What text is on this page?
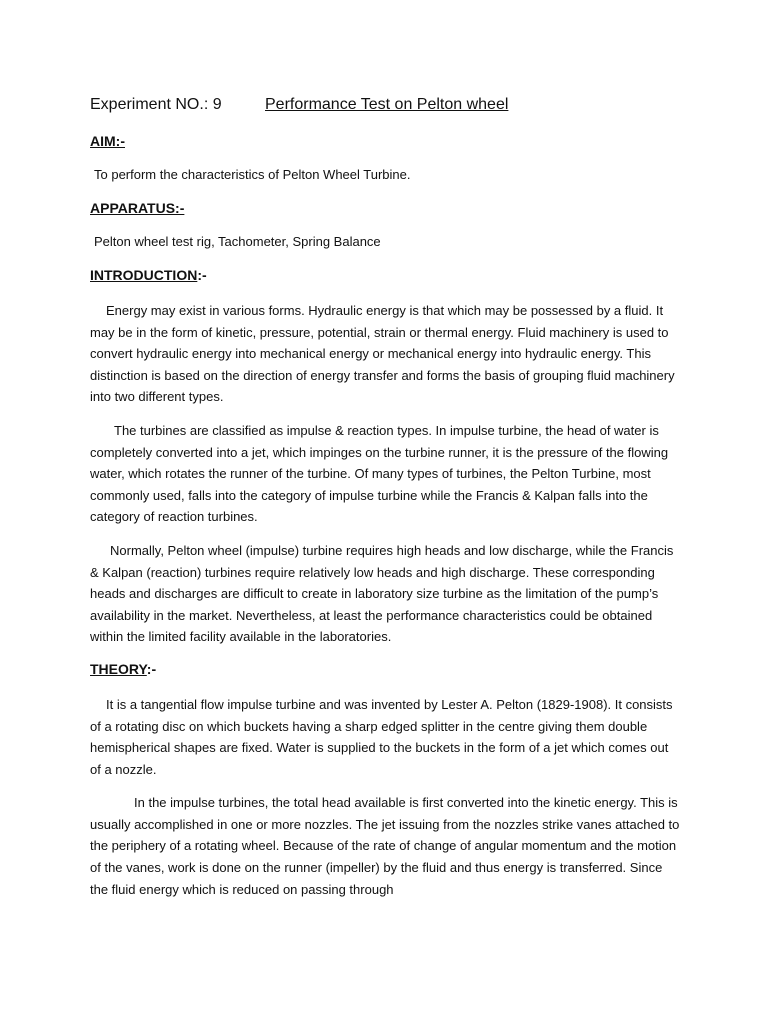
Experiment NO.: 9	Performance Test on Pelton wheel

AIM:-

To perform the characteristics of Pelton Wheel Turbine.

APPARATUS:-

Pelton wheel test rig, Tachometer, Spring Balance

INTRODUCTION:-

Energy may exist in various forms. Hydraulic energy is that which may be possessed by a fluid. It may be in the form of kinetic, pressure, potential, strain or thermal energy. Fluid machinery is used to convert hydraulic energy into mechanical energy or mechanical energy into hydraulic energy. This distinction is based on the direction of energy transfer and forms the basis of grouping fluid machinery into two different types.

The turbines are classified as impulse & reaction types. In impulse turbine, the head of water is completely converted into a jet, which impinges on the turbine runner, it is the pressure of the flowing water, which rotates the runner of the turbine. Of many types of turbines, the Pelton Turbine, most commonly used, falls into the category of impulse turbine while the Francis & Kalpan falls into the category of reaction turbines.

Normally, Pelton wheel (impulse) turbine requires high heads and low discharge, while the Francis & Kalpan (reaction) turbines require relatively low heads and high discharge. These corresponding heads and discharges are difficult to create in laboratory size turbine as the limitation of the pump’s availability in the market. Nevertheless, at least the performance characteristics could be obtained within the limited facility available in the laboratories.

THEORY:-

It is a tangential flow impulse turbine and was invented by Lester A. Pelton (1829-1908). It consists of a rotating disc on which buckets having a sharp edged splitter in the centre giving them double hemispherical shapes are fixed. Water is supplied to the buckets in the form of a jet which comes out of a nozzle.

In the impulse turbines, the total head available is first converted into the kinetic energy. This is usually accomplished in one or more nozzles. The jet issuing from the nozzles strike vanes attached to the periphery of a rotating wheel. Because of the rate of change of angular momentum and the motion of the vanes, work is done on the runner (impeller) by the fluid and thus energy is transferred. Since the fluid energy which is reduced on passing through
